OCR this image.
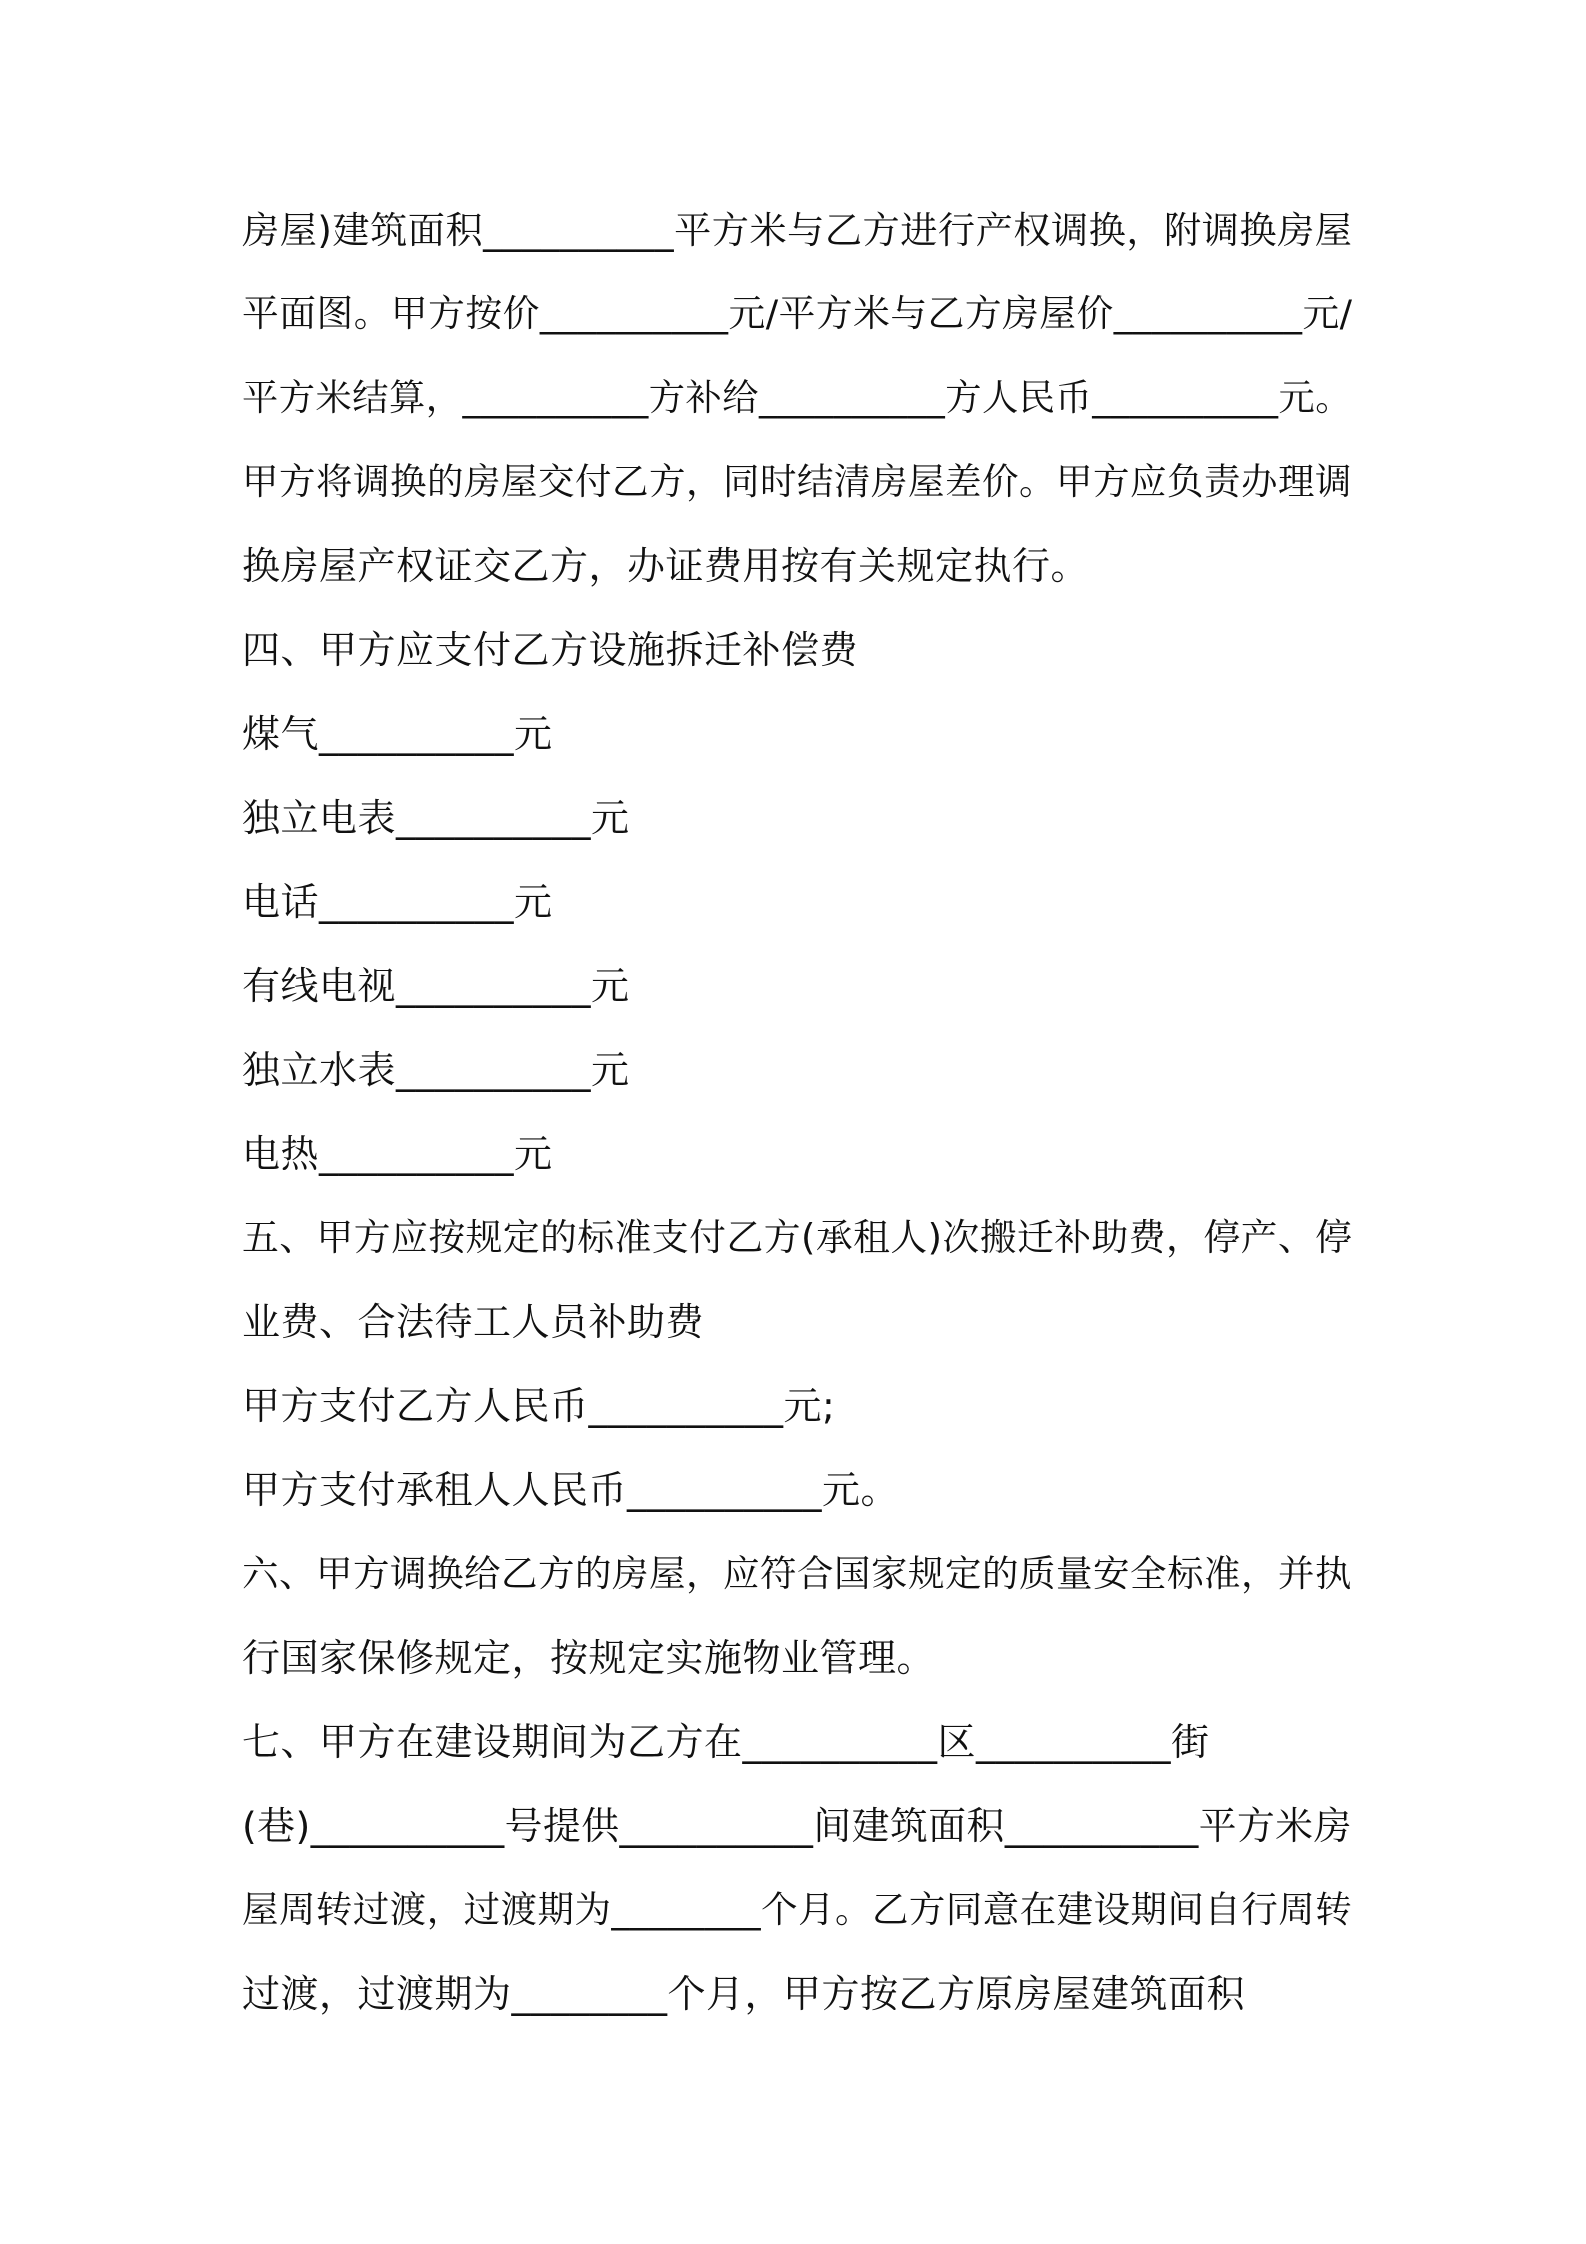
房屋)建筑面积__________平方米与乙方进行产权调换，附调换房屋

平面图。甲方按价__________元/平方米与乙方房屋价__________元/

平方米结算，__________方补给__________方人民币__________元。

甲方将调换的房屋交付乙方，同时结清房屋差价。甲方应负责办理调

换房屋产权证交乙方，办证费用按有关规定执行。

四、甲方应支付乙方设施拆迁补偿费

煤气__________元

独立电表__________元

电话__________元

有线电视__________元

独立水表__________元

电热__________元

五、甲方应按规定的标准支付乙方(承租人)次搬迁补助费，停产、停

业费、合法待工人员补助费

甲方支付乙方人民币__________元;

甲方支付承租人人民币__________元。

六、甲方调换给乙方的房屋，应符合国家规定的质量安全标准，并执

行国家保修规定，按规定实施物业管理。

七、甲方在建设期间为乙方在__________区__________街

(巷)__________号提供__________间建筑面积__________平方米房

屋周转过渡，过渡期为________个月。乙方同意在建设期间自行周转

过渡，过渡期为________个月，甲方按乙方原房屋建筑面积
